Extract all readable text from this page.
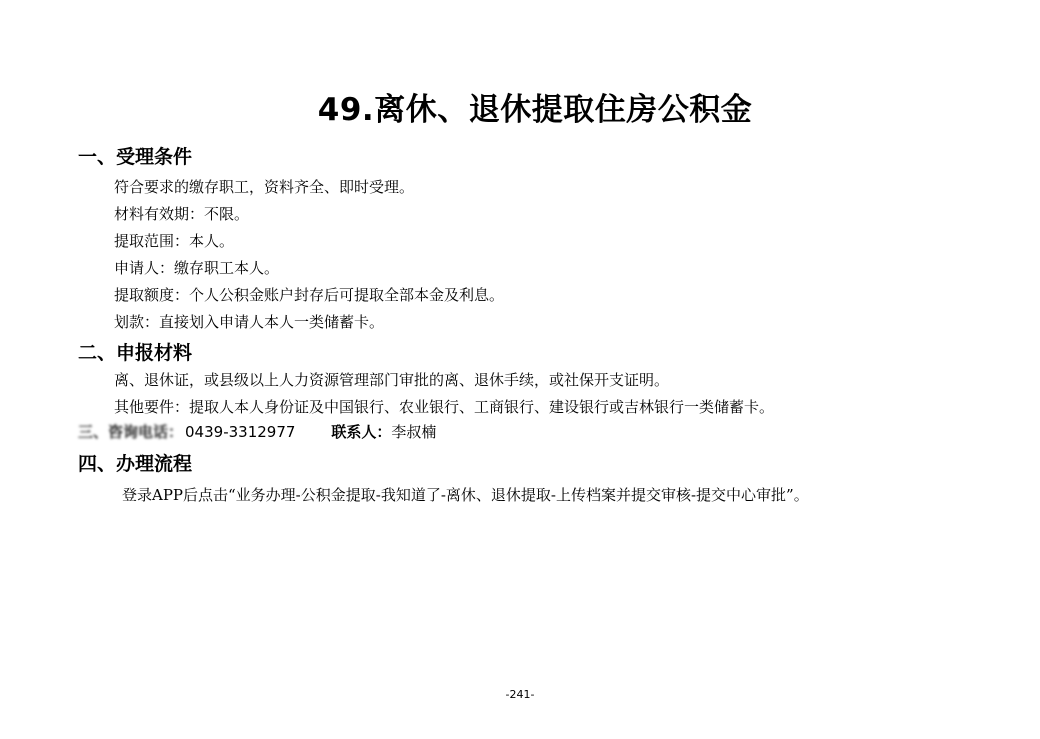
49.离休、退休提取住房公积金
一、受理条件
符合要求的缴存职工，资料齐全、即时受理。
材料有效期：不限。
提取范围：本人。
申请人：缴存职工本人。
提取额度：个人公积金账户封存后可提取全部本金及利息。
划款：直接划入申请人本人一类储蓄卡。
二、申报材料
离、退休证，或县级以上人力资源管理部门审批的离、退休手续，或社保开支证明。
其他要件：提取人本人身份证及中国银行、农业银行、工商银行、建设银行或吉林银行一类储蓄卡。
三、咨询电话： 0439-3312977 联系人：李叔楠
四、办理流程
登录APP后点击“业务办理-公积金提取-我知道了-离休、退休提取-上传档案并提交审核-提交中心审批”。
-241-
